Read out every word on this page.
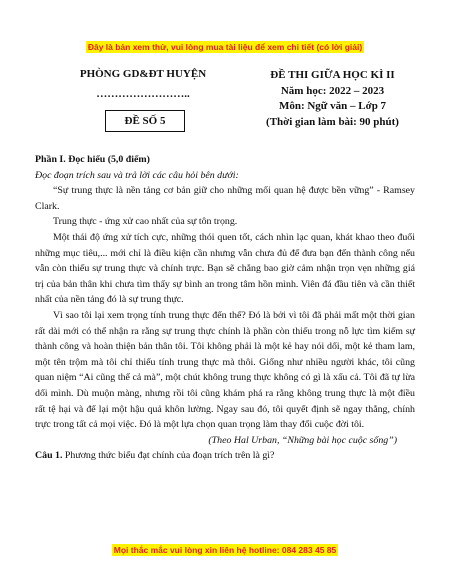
Đây là bản xem thử, vui lòng mua tài liệu để xem chi tiết (có lời giải)
PHÒNG GD&ĐT HUYỆN
……………………..
ĐỀ SỐ 5
ĐỀ THI GIỮA HỌC KÌ II
Năm học: 2022 – 2023
Môn: Ngữ văn – Lớp 7
(Thời gian làm bài: 90 phút)

Phần I. Đọc hiểu (5,0 điểm)

Đọc đoạn trích sau và trả lời các câu hỏi bên dưới:

“Sự trung thực là nền tảng cơ bản giữ cho những mối quan hệ được bền vững” - Ramsey Clark.

Trung thực - ứng xử cao nhất của sự tôn trọng.

Một thái độ ứng xử tích cực, những thói quen tốt, cách nhìn lạc quan, khát khao theo đuổi những mục tiêu,... mới chỉ là điều kiện cần nhưng vẫn chưa đủ để đưa bạn đến thành công nếu vẫn còn thiếu sự trung thực và chính trực. Bạn sẽ chẳng bao giờ cảm nhận trọn vẹn những giá trị của bản thân khi chưa tìm thấy sự bình an trong tâm hồn mình. Viên đá đầu tiên và cần thiết nhất của nền tảng đó là sự trung thực.

Vì sao tôi lại xem trọng tính trung thực đến thế? Đó là bởi vì tôi đã phải mất một thời gian rất dài mới có thể nhận ra rằng sự trung thực chính là phần còn thiếu trong nỗ lực tìm kiếm sự thành công và hoàn thiện bản thân tôi. Tôi không phải là một kẻ hay nói dối, một kẻ tham lam, một tên trộm mà tôi chỉ thiếu tính trung thực mà thôi. Giống như nhiều người khác, tôi cũng quan niệm “Ai cũng thế cả mà”, một chút không trung thực không có gì là xấu cả. Tôi đã tự lừa dối mình. Dù muộn màng, nhưng rồi tôi cũng khám phá ra rằng không trung thực là một điều rất tệ hại và để lại một hậu quả khôn lường. Ngay sau đó, tôi quyết định sẽ ngay thẳng, chính trực trong tất cả mọi việc. Đó là một lựa chọn quan trọng làm thay đổi cuộc đời tôi.

(Theo Hal Urban, “Những bài học cuộc sống”)

Câu 1. Phương thức biểu đạt chính của đoạn trích trên là gì?

Mọi thắc mắc vui lòng xin liên hệ hotline: 084 283 45 85
